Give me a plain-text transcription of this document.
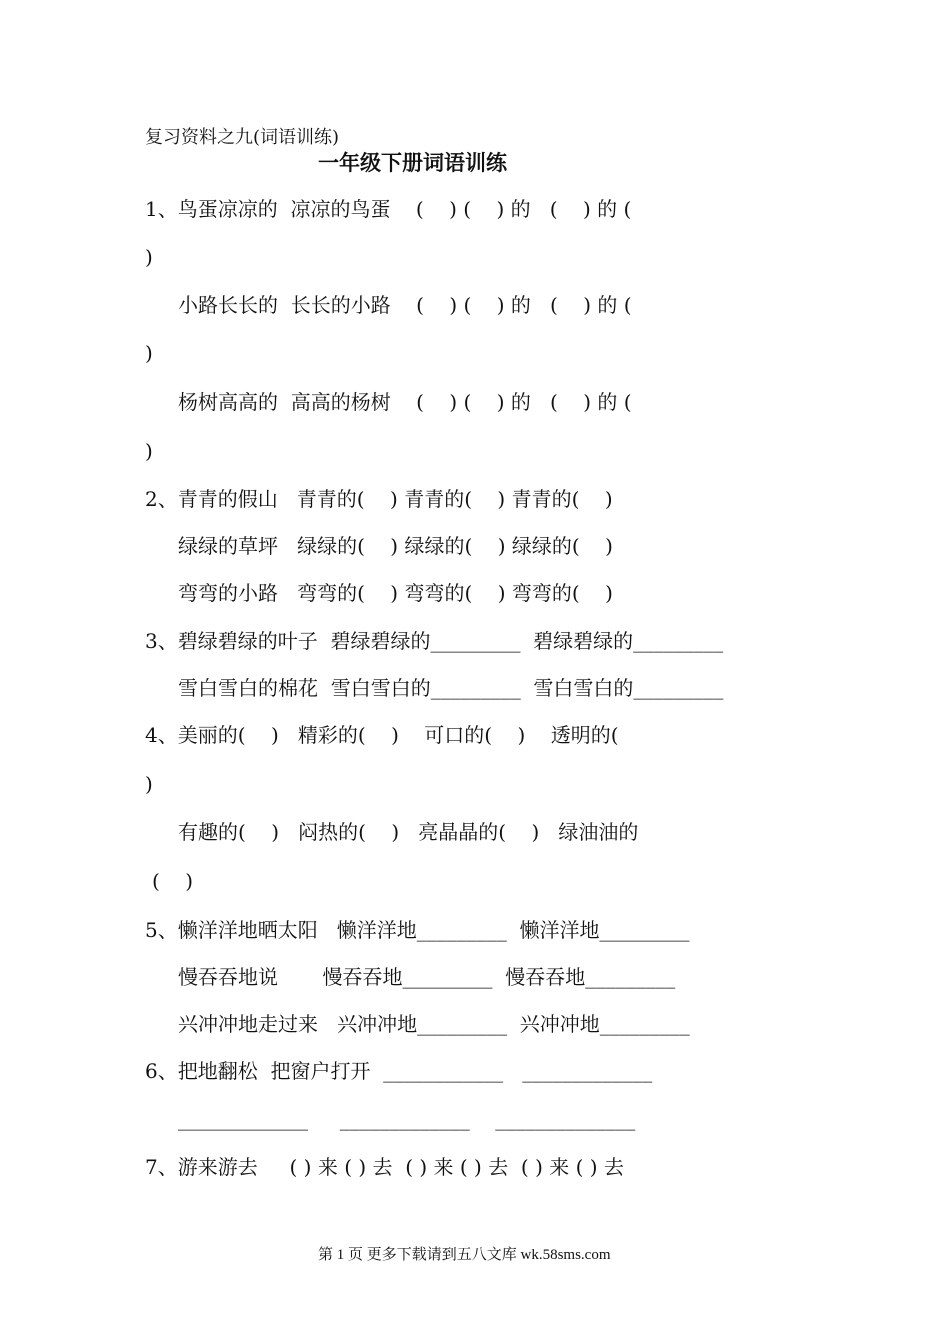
复习资料之九(词语训练)
一年级下册词语训练
1、鸟蛋凉凉的  凉凉的鸟蛋    (    ) (    ) 的   (    ) 的 (
)
小路长长的  长长的小路    (    ) (    ) 的   (    ) 的 (
)
杨树高高的  高高的杨树    (    ) (    ) 的   (    ) 的 (
)
2、青青的假山   青青的(    ) 青青的(    ) 青青的(    )
绿绿的草坪   绿绿的(    ) 绿绿的(    ) 绿绿的(    )
弯弯的小路   弯弯的(    ) 弯弯的(    ) 弯弯的(    )
3、碧绿碧绿的叶子  碧绿碧绿的_________  碧绿碧绿的_________
雪白雪白的棉花  雪白雪白的_________  雪白雪白的_________
4、美丽的(    )   精彩的(    )    可口的(    )    透明的(
)
有趣的(    )   闷热的(    )   亮晶晶的(    )   绿油油的
(    )
5、懒洋洋地晒太阳   懒洋洋地_________  懒洋洋地_________
慢吞吞地说       慢吞吞地_________  慢吞吞地_________
兴冲冲地走过来   兴冲冲地_________  兴冲冲地_________
6、把地翻松  把窗户打开  ____________   _____________
_____________     _____________    ______________
7、游来游去     ( ) 来 ( ) 去  ( ) 来 ( ) 去  ( ) 来 ( ) 去
第 1 页 更多下载请到五八文库 wk.58sms.com
